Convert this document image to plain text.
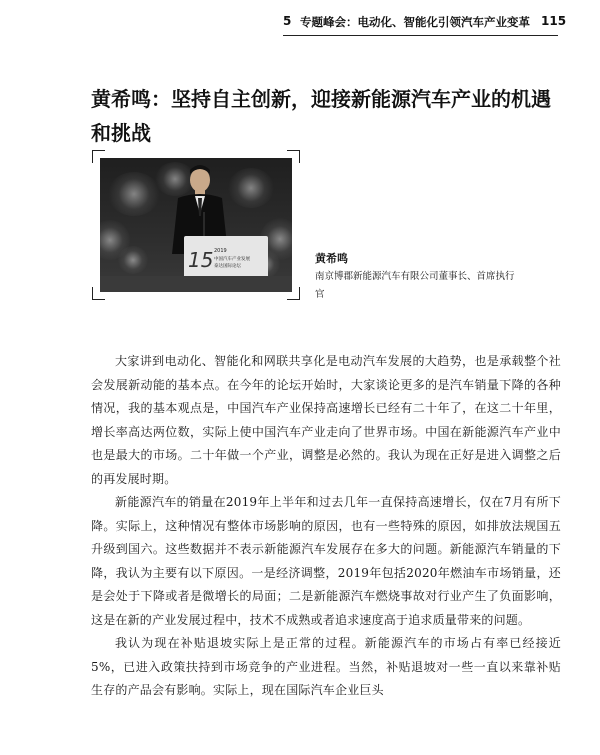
5 专题峰会：电动化、智能化引领汽车产业变革 115
黄希鸣：坚持自主创新，迎接新能源汽车产业的机遇和挑战
15 2019
中国汽车产业发展
泰达国际论坛

黄希鸣

南京博郡新能源汽车有限公司董事长、首席执行官

大家讲到电动化、智能化和网联共享化是电动汽车发展的大趋势，也是承载整个社会发展新动能的基本点。在今年的论坛开始时，大家谈论更多的是汽车销量下降的各种情况，我的基本观点是，中国汽车产业保持高速增长已经有二十年了，在这二十年里，增长率高达两位数，实际上使中国汽车产业走向了世界市场。中国在新能源汽车产业中也是最大的市场。二十年做一个产业，调整是必然的。我认为现在正好是进入调整之后的再发展时期。

新能源汽车的销量在2019年上半年和过去几年一直保持高速增长，仅在7月有所下降。实际上，这种情况有整体市场影响的原因，也有一些特殊的原因，如排放法规国五升级到国六。这些数据并不表示新能源汽车发展存在多大的问题。新能源汽车销量的下降，我认为主要有以下原因。一是经济调整，2019年包括2020年燃油车市场销量，还是会处于下降或者是微增长的局面；二是新能源汽车燃烧事故对行业产生了负面影响，这是在新的产业发展过程中，技术不成熟或者追求速度高于追求质量带来的问题。

我认为现在补贴退坡实际上是正常的过程。新能源汽车的市场占有率已经接近5%，已进入政策扶持到市场竞争的产业进程。当然，补贴退坡对一些一直以来靠补贴生存的产品会有影响。实际上，现在国际汽车企业巨头
